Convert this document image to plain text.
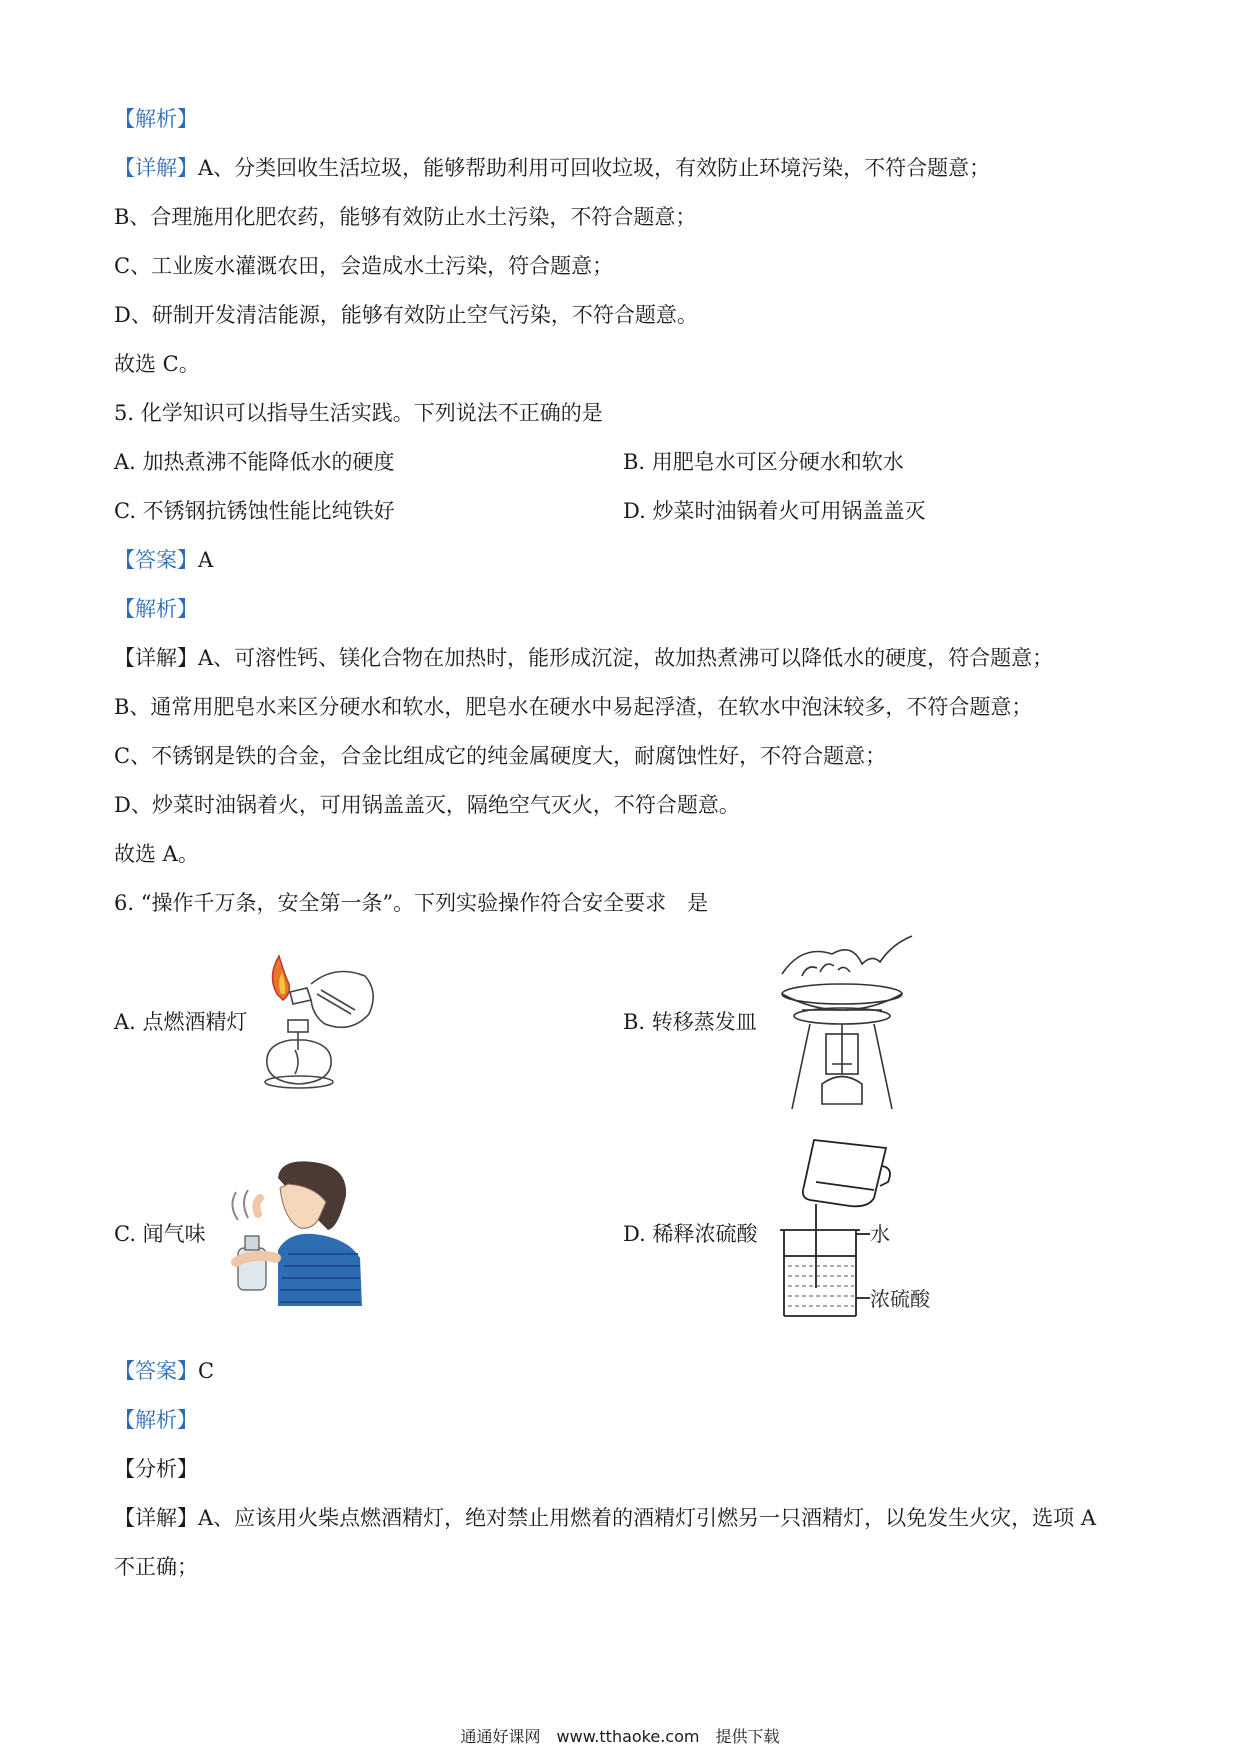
【解析】
【详解】A、分类回收生活垃圾，能够帮助利用可回收垃圾，有效防止环境污染，不符合题意；
B、合理施用化肥农药，能够有效防止水土污染，不符合题意；
C、工业废水灌溉农田，会造成水土污染，符合题意；
D、研制开发清洁能源，能够有效防止空气污染，不符合题意。
故选 C。
5. 化学知识可以指导生活实践。下列说法不正确的是
A. 加热煮沸不能降低水的硬度	B. 用肥皂水可区分硬水和软水
C. 不锈钢抗锈蚀性能比纯铁好	D. 炒菜时油锅着火可用锅盖盖灭
【答案】A
【解析】
【详解】A、可溶性钙、镁化合物在加热时，能形成沉淀，故加热煮沸可以降低水的硬度，符合题意；
B、通常用肥皂水来区分硬水和软水，肥皂水在硬水中易起浮渣，在软水中泡沫较多，不符合题意；
C、不锈钢是铁的合金，合金比组成它的纯金属硬度大，耐腐蚀性好，不符合题意；
D、炒菜时油锅着火，可用锅盖盖灭，隔绝空气灭火，不符合题意。
故选 A。
6. “操作千万条，安全第一条”。下列实验操作符合安全要求　是
A. 点燃酒精灯	B. 转移蒸发皿
C. 闻气味	D. 稀释浓硫酸	水
浓硫酸
【答案】C
【解析】
【分析】
【详解】A、应该用火柴点燃酒精灯，绝对禁止用燃着的酒精灯引燃另一只酒精灯，以免发生火灾，选项 A
不正确；
通通好课网　www.tthaoke.com　提供下载
